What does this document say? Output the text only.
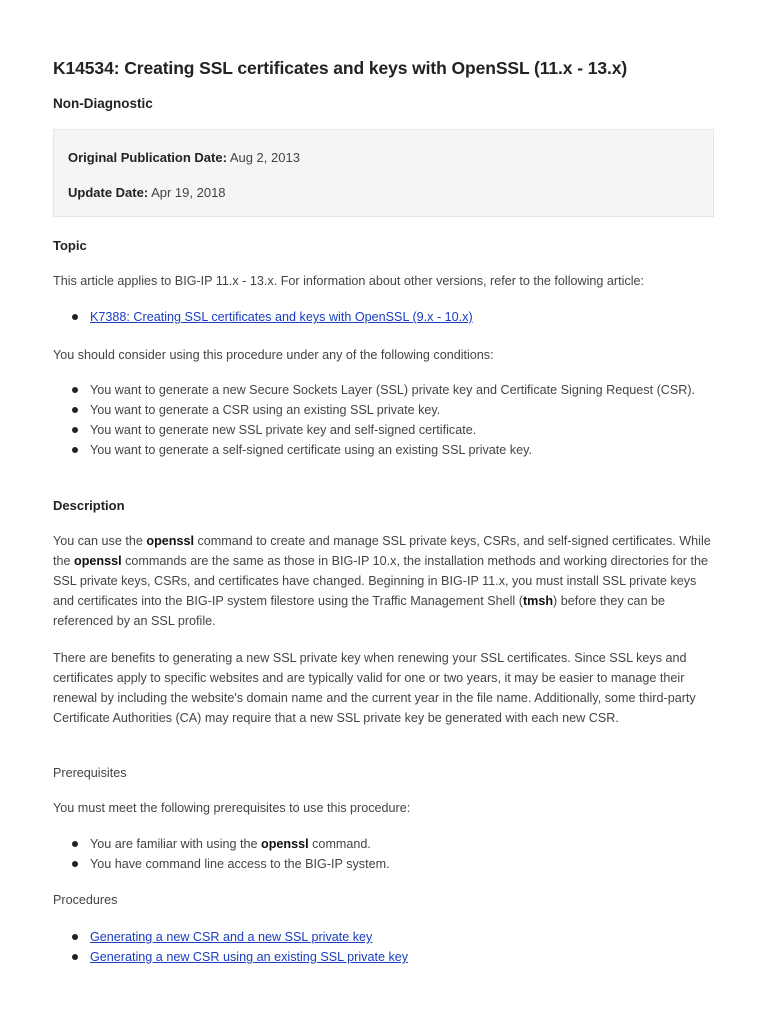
K14534: Creating SSL certificates and keys with OpenSSL (11.x - 13.x)
Non-Diagnostic
Original Publication Date: Aug 2, 2013
Update Date: Apr 19, 2018
Topic

This article applies to BIG-IP 11.x - 13.x. For information about other versions, refer to the following article:

K7388: Creating SSL certificates and keys with OpenSSL (9.x - 10.x)

You should consider using this procedure under any of the following conditions:

You want to generate a new Secure Sockets Layer (SSL) private key and Certificate Signing Request (CSR).
You want to generate a CSR using an existing SSL private key.
You want to generate new SSL private key and self-signed certificate.
You want to generate a self-signed certificate using an existing SSL private key.
Description

You can use the openssl command to create and manage SSL private keys, CSRs, and self-signed certificates. While the openssl commands are the same as those in BIG-IP 10.x, the installation methods and working directories for the SSL private keys, CSRs, and certificates have changed. Beginning in BIG-IP 11.x, you must install SSL private keys and certificates into the BIG-IP system filestore using the Traffic Management Shell (tmsh) before they can be referenced by an SSL profile.

There are benefits to generating a new SSL private key when renewing your SSL certificates. Since SSL keys and certificates apply to specific websites and are typically valid for one or two years, it may be easier to manage their renewal by including the website's domain name and the current year in the file name. Additionally, some third-party Certificate Authorities (CA) may require that a new SSL private key be generated with each new CSR.

Prerequisites

You must meet the following prerequisites to use this procedure:

You are familiar with using the openssl command.
You have command line access to the BIG-IP system.
Procedures
Generating a new CSR and a new SSL private key
Generating a new CSR using an existing SSL private key
